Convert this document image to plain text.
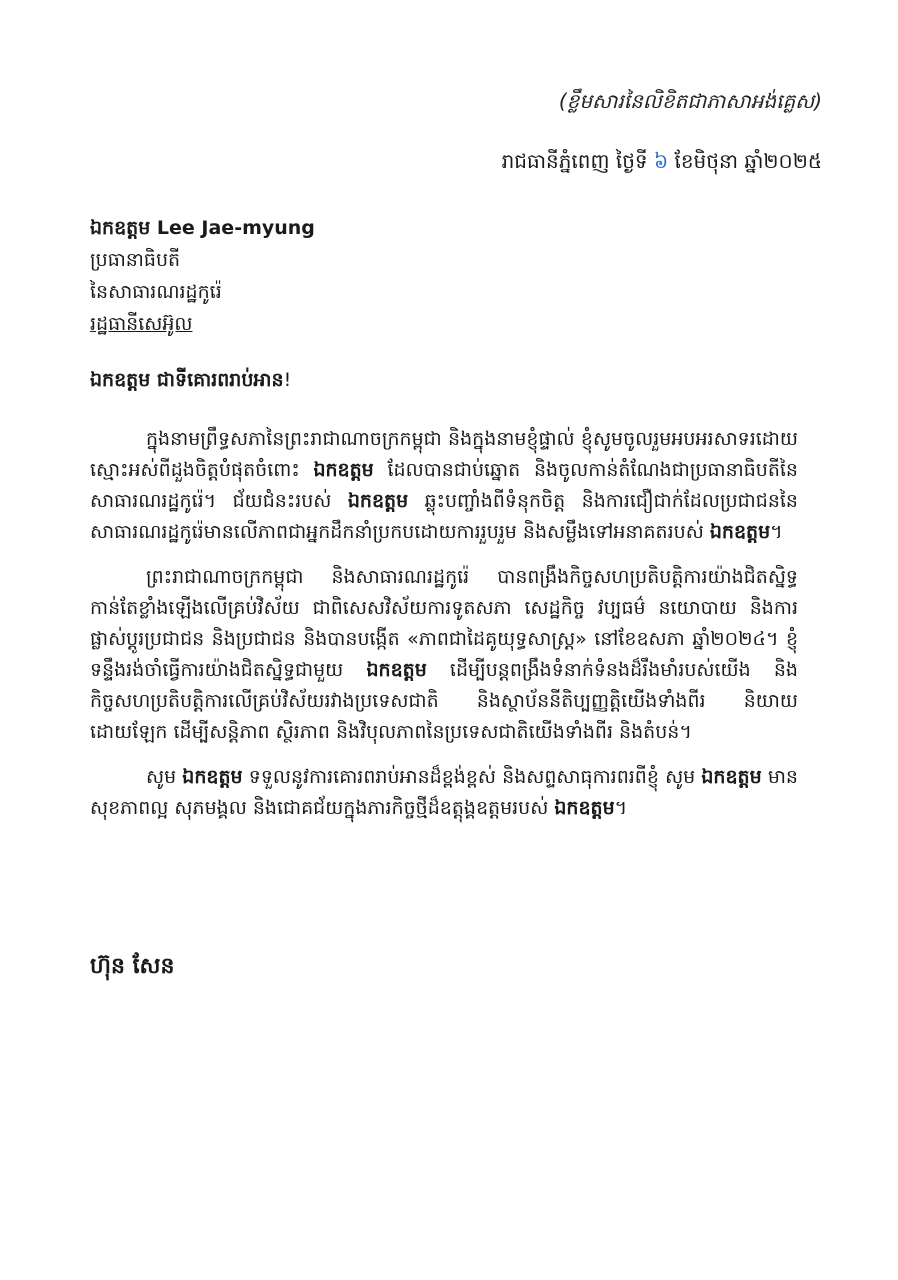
(ខ្លឹមសារនៃលិខិតជាភាសាអង់គ្លេស)
រាជធានីភ្នំពេញ ថ្ងៃទី ៦ ខែមិថុនា ឆ្នាំ២០២៥
ឯកឧត្តម Lee Jae-myung
ប្រធានាធិបតី
នៃសាធារណរដ្ឋកូរ៉េ
រដ្ឋធានីសេអ៊ូល
ឯកឧត្តម ជាទីគោរពរាប់អាន!

ក្នុងនាមព្រឹទ្ធសភានៃព្រះរាជាណាចក្រកម្ពុជា និងក្នុងនាមខ្ញុំផ្ទាល់ ខ្ញុំសូមចូលរួមអបអរសាទរដោយស្មោះអស់ពីដួងចិត្តបំផុតចំពោះ ឯកឧត្តម ដែលបានជាប់ឆ្នោត និងចូលកាន់តំណែងជាប្រធានាធិបតីនៃសាធារណរដ្ឋកូរ៉េ។ ជ័យជំនះរបស់ ឯកឧត្តម ឆ្លុះបញ្ចាំងពីទំនុកចិត្ត និងការជឿជាក់ដែលប្រជាជននៃសាធារណរដ្ឋកូរ៉េមានលើភាពជាអ្នកដឹកនាំប្រកបដោយការរួបរួម និងសម្លឹងទៅអនាគតរបស់ ឯកឧត្តម។

ព្រះរាជាណាចក្រកម្ពុជា និងសាធារណរដ្ឋកូរ៉េ បានពង្រឹងកិច្ចសហប្រតិបត្តិការយ៉ាងជិតស្និទ្ធកាន់តែខ្លាំងឡើងលើគ្រប់វិស័យ ជាពិសេសវិស័យការទូតសភា សេដ្ឋកិច្ច វប្បធម៌ នយោបាយ និងការផ្លាស់ប្តូរប្រជាជន និងប្រជាជន និងបានបង្កើត «ភាពជាដៃគូយុទ្ធសាស្ត្រ» នៅខែឧសភា ឆ្នាំ២០២៤។ ខ្ញុំទន្ទឹងរង់ចាំធ្វើការយ៉ាងជិតស្និទ្ធជាមួយ ឯកឧត្តម ដើម្បីបន្តពង្រឹងទំនាក់ទំនងដ៏រឹងមាំរបស់យើង និងកិច្ចសហប្រតិបត្តិការលើគ្រប់វិស័យរវាងប្រទេសជាតិ និងស្ថាប័ននីតិប្បញ្ញត្តិយើងទាំងពីរ និយាយដោយឡែក ដើម្បីសន្តិភាព ស្ថិរភាព និងវិបុលភាពនៃប្រទេសជាតិយើងទាំងពីរ និងតំបន់។

សូម ឯកឧត្តម ទទួលនូវការគោរពរាប់អានដ៏ខ្ពង់ខ្ពស់ និងសព្ទសាធុការពរពីខ្ញុំ សូម ឯកឧត្តម មានសុខភាពល្អ សុភមង្គល និងជោគជ័យក្នុងភារកិច្ចថ្មីដ៏ឧត្តុង្គឧត្តមរបស់ ឯកឧត្តម។

ហ៊ុន សែន
